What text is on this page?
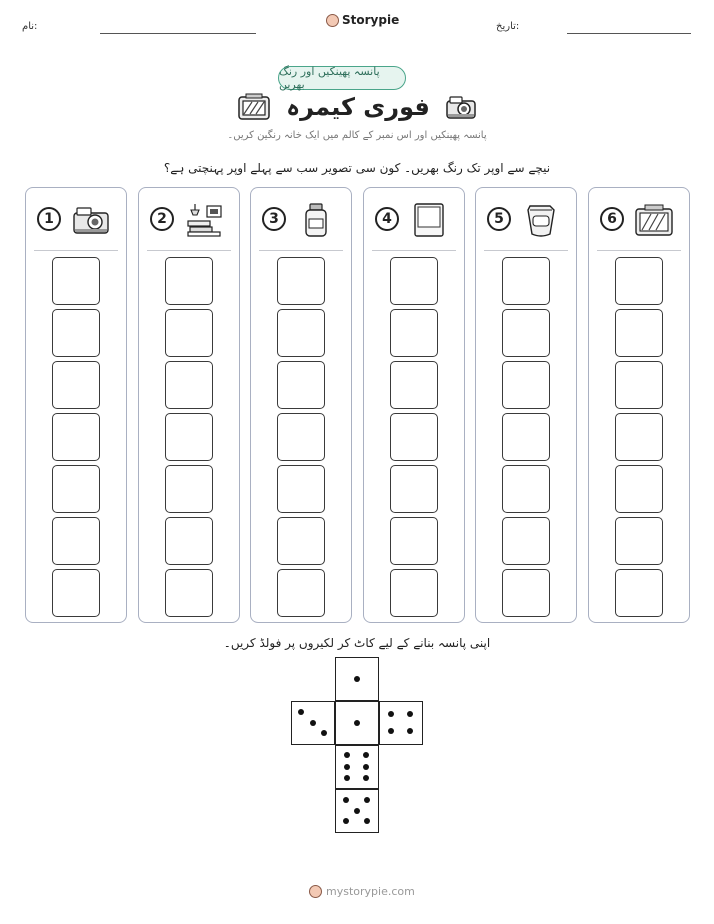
نام:	Storypie	تاریخ:
پانسہ پھینکیں اور رنگ بھریں
فوری کیمرہ
پانسہ پھینکیں اور اس نمبر کے کالم میں ایک خانہ رنگین کریں۔
نیچے سے اوپر تک رنگ بھریں۔ کون سی تصویر سب سے پہلے اوپر پہنچتی ہے؟
1	2	3	4	5	6
اپنی پانسہ بنانے کے لیے کاٹ کر لکیروں پر فولڈ کریں۔
mystorypie.com
